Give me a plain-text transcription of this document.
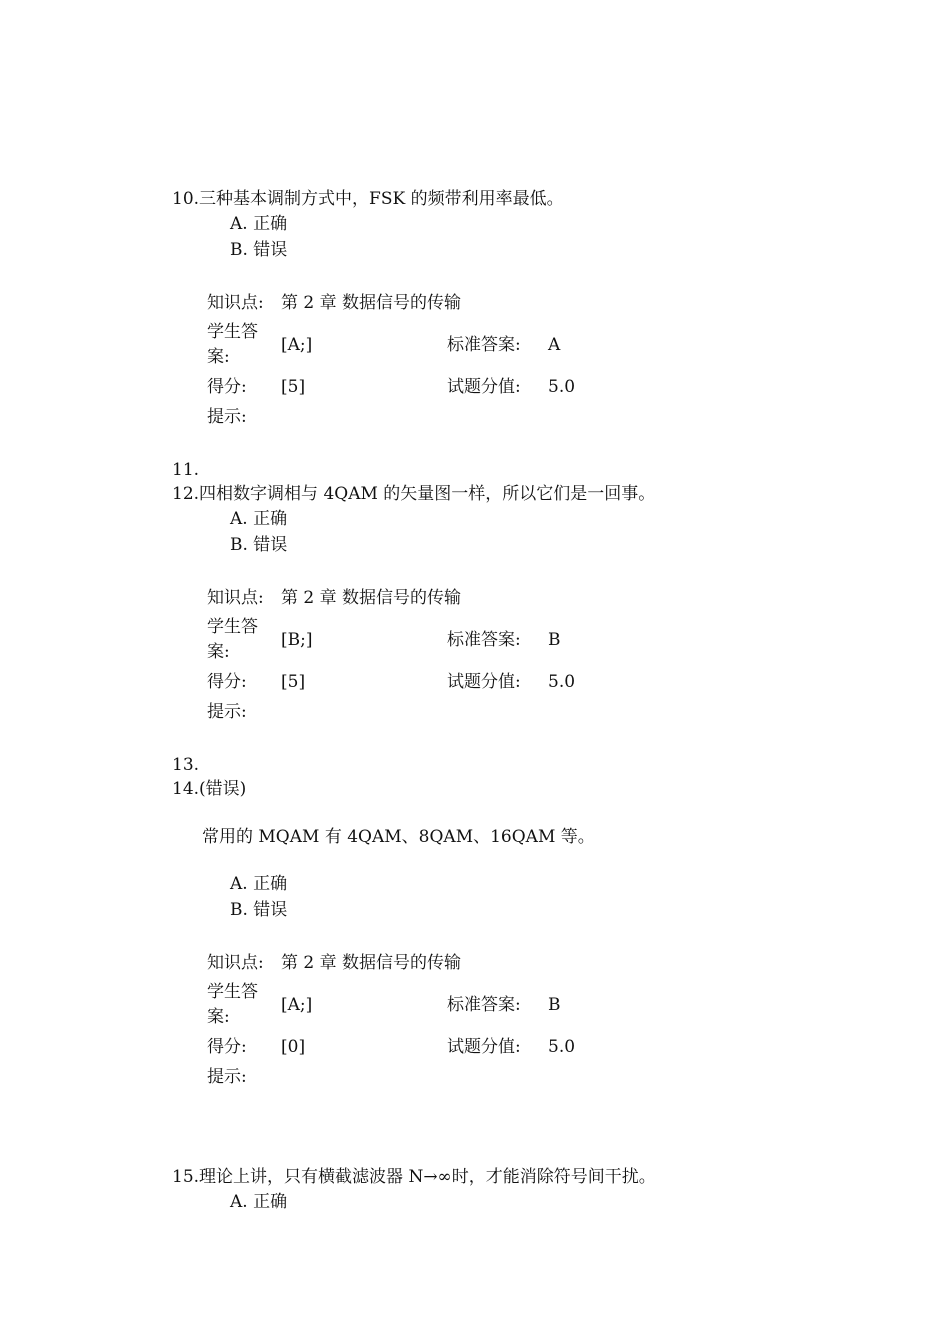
10.三种基本调制方式中，FSK 的频带利用率最低。
A. 正确
B. 错误
知识点: 第 2 章 数据信号的传输
学生答
案:
[A;]	标准答案: A
得分: [5]	试题分值: 5.0
提示:
11.
12.四相数字调相与 4QAM 的矢量图一样，所以它们是一回事。
A. 正确
B. 错误
知识点: 第 2 章 数据信号的传输
学生答
案:
[B;]	标准答案: B
得分: [5]	试题分值: 5.0
提示:
13.
14.(错误)
常用的 MQAM 有 4QAM、8QAM、16QAM 等。
A. 正确
B. 错误
知识点: 第 2 章 数据信号的传输
学生答
案:
[A;]	标准答案: B
得分: [0]	试题分值: 5.0
提示:
15.理论上讲，只有横截滤波器 N→∞时，才能消除符号间干扰。
A. 正确
